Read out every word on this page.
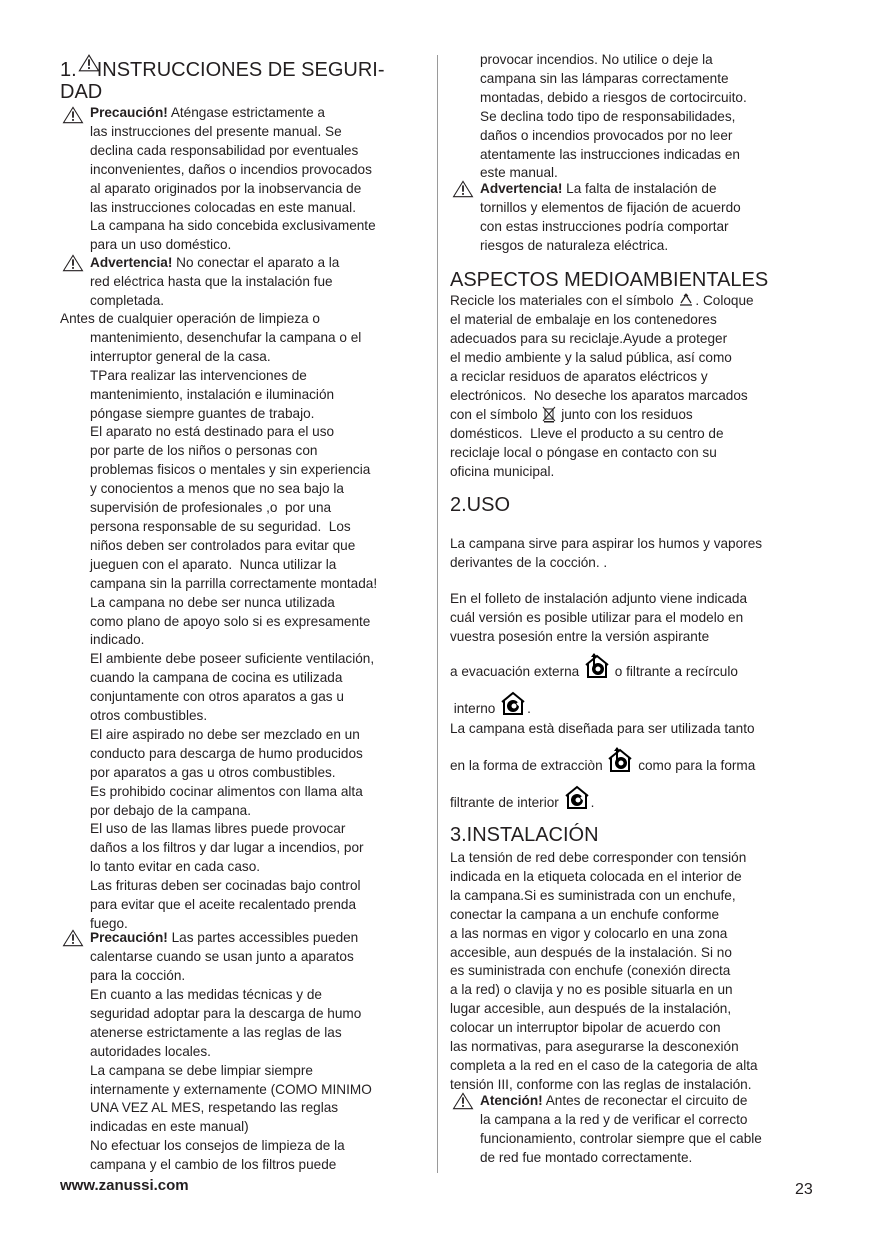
1. INSTRUCCIONES DE SEGURI-
DAD
Precaución! Aténgase estrictamente a
las instrucciones del presente manual. Se
declina cada responsabilidad por eventuales
inconvenientes, daños o incendios provocados
al aparato originados por la inobservancia de
las instrucciones colocadas en este manual.
La campana ha sido concebida exclusivamente
para un uso doméstico.
Advertencia! No conectar el aparato a la
red eléctrica hasta que la instalación fue
completada.
Antes de cualquier operación de limpieza o
mantenimiento, desenchufar la campana o el
interruptor general de la casa.
TPara realizar las intervenciones de
mantenimiento, instalación e iluminación
póngase siempre guantes de trabajo.
El aparato no está destinado para el uso
por parte de los niños o personas con
problemas fisicos o mentales y sin experiencia
y conocientos a menos que no sea bajo la
supervisión de profesionales ,o  por una
persona responsable de su seguridad.  Los
niños deben ser controlados para evitar que
jueguen con el aparato.  Nunca utilizar la
campana sin la parrilla correctamente montada!
La campana no debe ser nunca utilizada
como plano de apoyo solo si es expresamente
indicado.
El ambiente debe poseer suficiente ventilación,
cuando la campana de cocina es utilizada
conjuntamente con otros aparatos a gas u
otros combustibles.
El aire aspirado no debe ser mezclado en un
conducto para descarga de humo producidos
por aparatos a gas u otros combustibles.
Es prohibido cocinar alimentos con llama alta
por debajo de la campana.
El uso de las llamas libres puede provocar
daños a los filtros y dar lugar a incendios, por
lo tanto evitar en cada caso.
Las frituras deben ser cocinadas bajo control
para evitar que el aceite recalentado prenda
fuego.
Precaución! Las partes accessibles pueden
calentarse cuando se usan junto a aparatos
para la cocción.
En cuanto a las medidas técnicas y de
seguridad adoptar para la descarga de humo
atenerse estrictamente a las reglas de las
autoridades locales.
La campana se debe limpiar siempre
internamente y externamente (COMO MINIMO
UNA VEZ AL MES, respetando las reglas
indicadas en este manual)
No efectuar los consejos de limpieza de la
campana y el cambio de los filtros puede
provocar incendios. No utilice o deje la
campana sin las lámparas correctamente
montadas, debido a riesgos de cortocircuito.
Se declina todo tipo de responsabilidades,
daños o incendios provocados por no leer
atentamente las instrucciones indicadas en
este manual.
Advertencia! La falta de instalación de
tornillos y elementos de fijación de acuerdo
con estas instrucciones podría comportar
riesgos de naturaleza eléctrica.
ASPECTOS MEDIOAMBIENTALES
Recicle los materiales con el símbolo . Coloque
el material de embalaje en los contenedores
adecuados para su reciclaje.Ayude a proteger
el medio ambiente y la salud pública, así como
a reciclar residuos de aparatos eléctricos y
electrónicos.  No deseche los aparatos marcados
con el símbolo  junto con los residuos
domésticos.  Lleve el producto a su centro de
reciclaje local o póngase en contacto con su
oficina municipal.
2.USO
La campana sirve para aspirar los humos y vapores
derivantes de la cocción. .
En el folleto de instalación adjunto viene indicada
cuál versión es posible utilizar para el modelo en
vuestra posesión entre la versión aspirante
a evacuación externa
o filtrante a recírculo
interno
.
La campana està diseñada para ser utilizada tanto
en la forma de extracciòn
como para la forma
filtrante de interior
.
3.INSTALACIÓN
La tensión de red debe corresponder con tensión
indicada en la etiqueta colocada en el interior de
la campana.Si es suministrada con un enchufe,
conectar la campana a un enchufe conforme
a las normas en vigor y colocarlo en una zona
accesible, aun después de la instalación. Si no
es suministrada con enchufe (conexión directa
a la red) o clavija y no es posible situarla en un
lugar accesible, aun después de la instalación,
colocar un interruptor bipolar de acuerdo con
las normativas, para asegurarse la desconexión
completa a la red en el caso de la categoria de alta
tensión III, conforme con las reglas de instalación.
Atención! Antes de reconectar el circuito de
la campana a la red y de verificar el correcto
funcionamiento, controlar siempre que el cable
de red fue montado correctamente.
www.zanussi.com	23
